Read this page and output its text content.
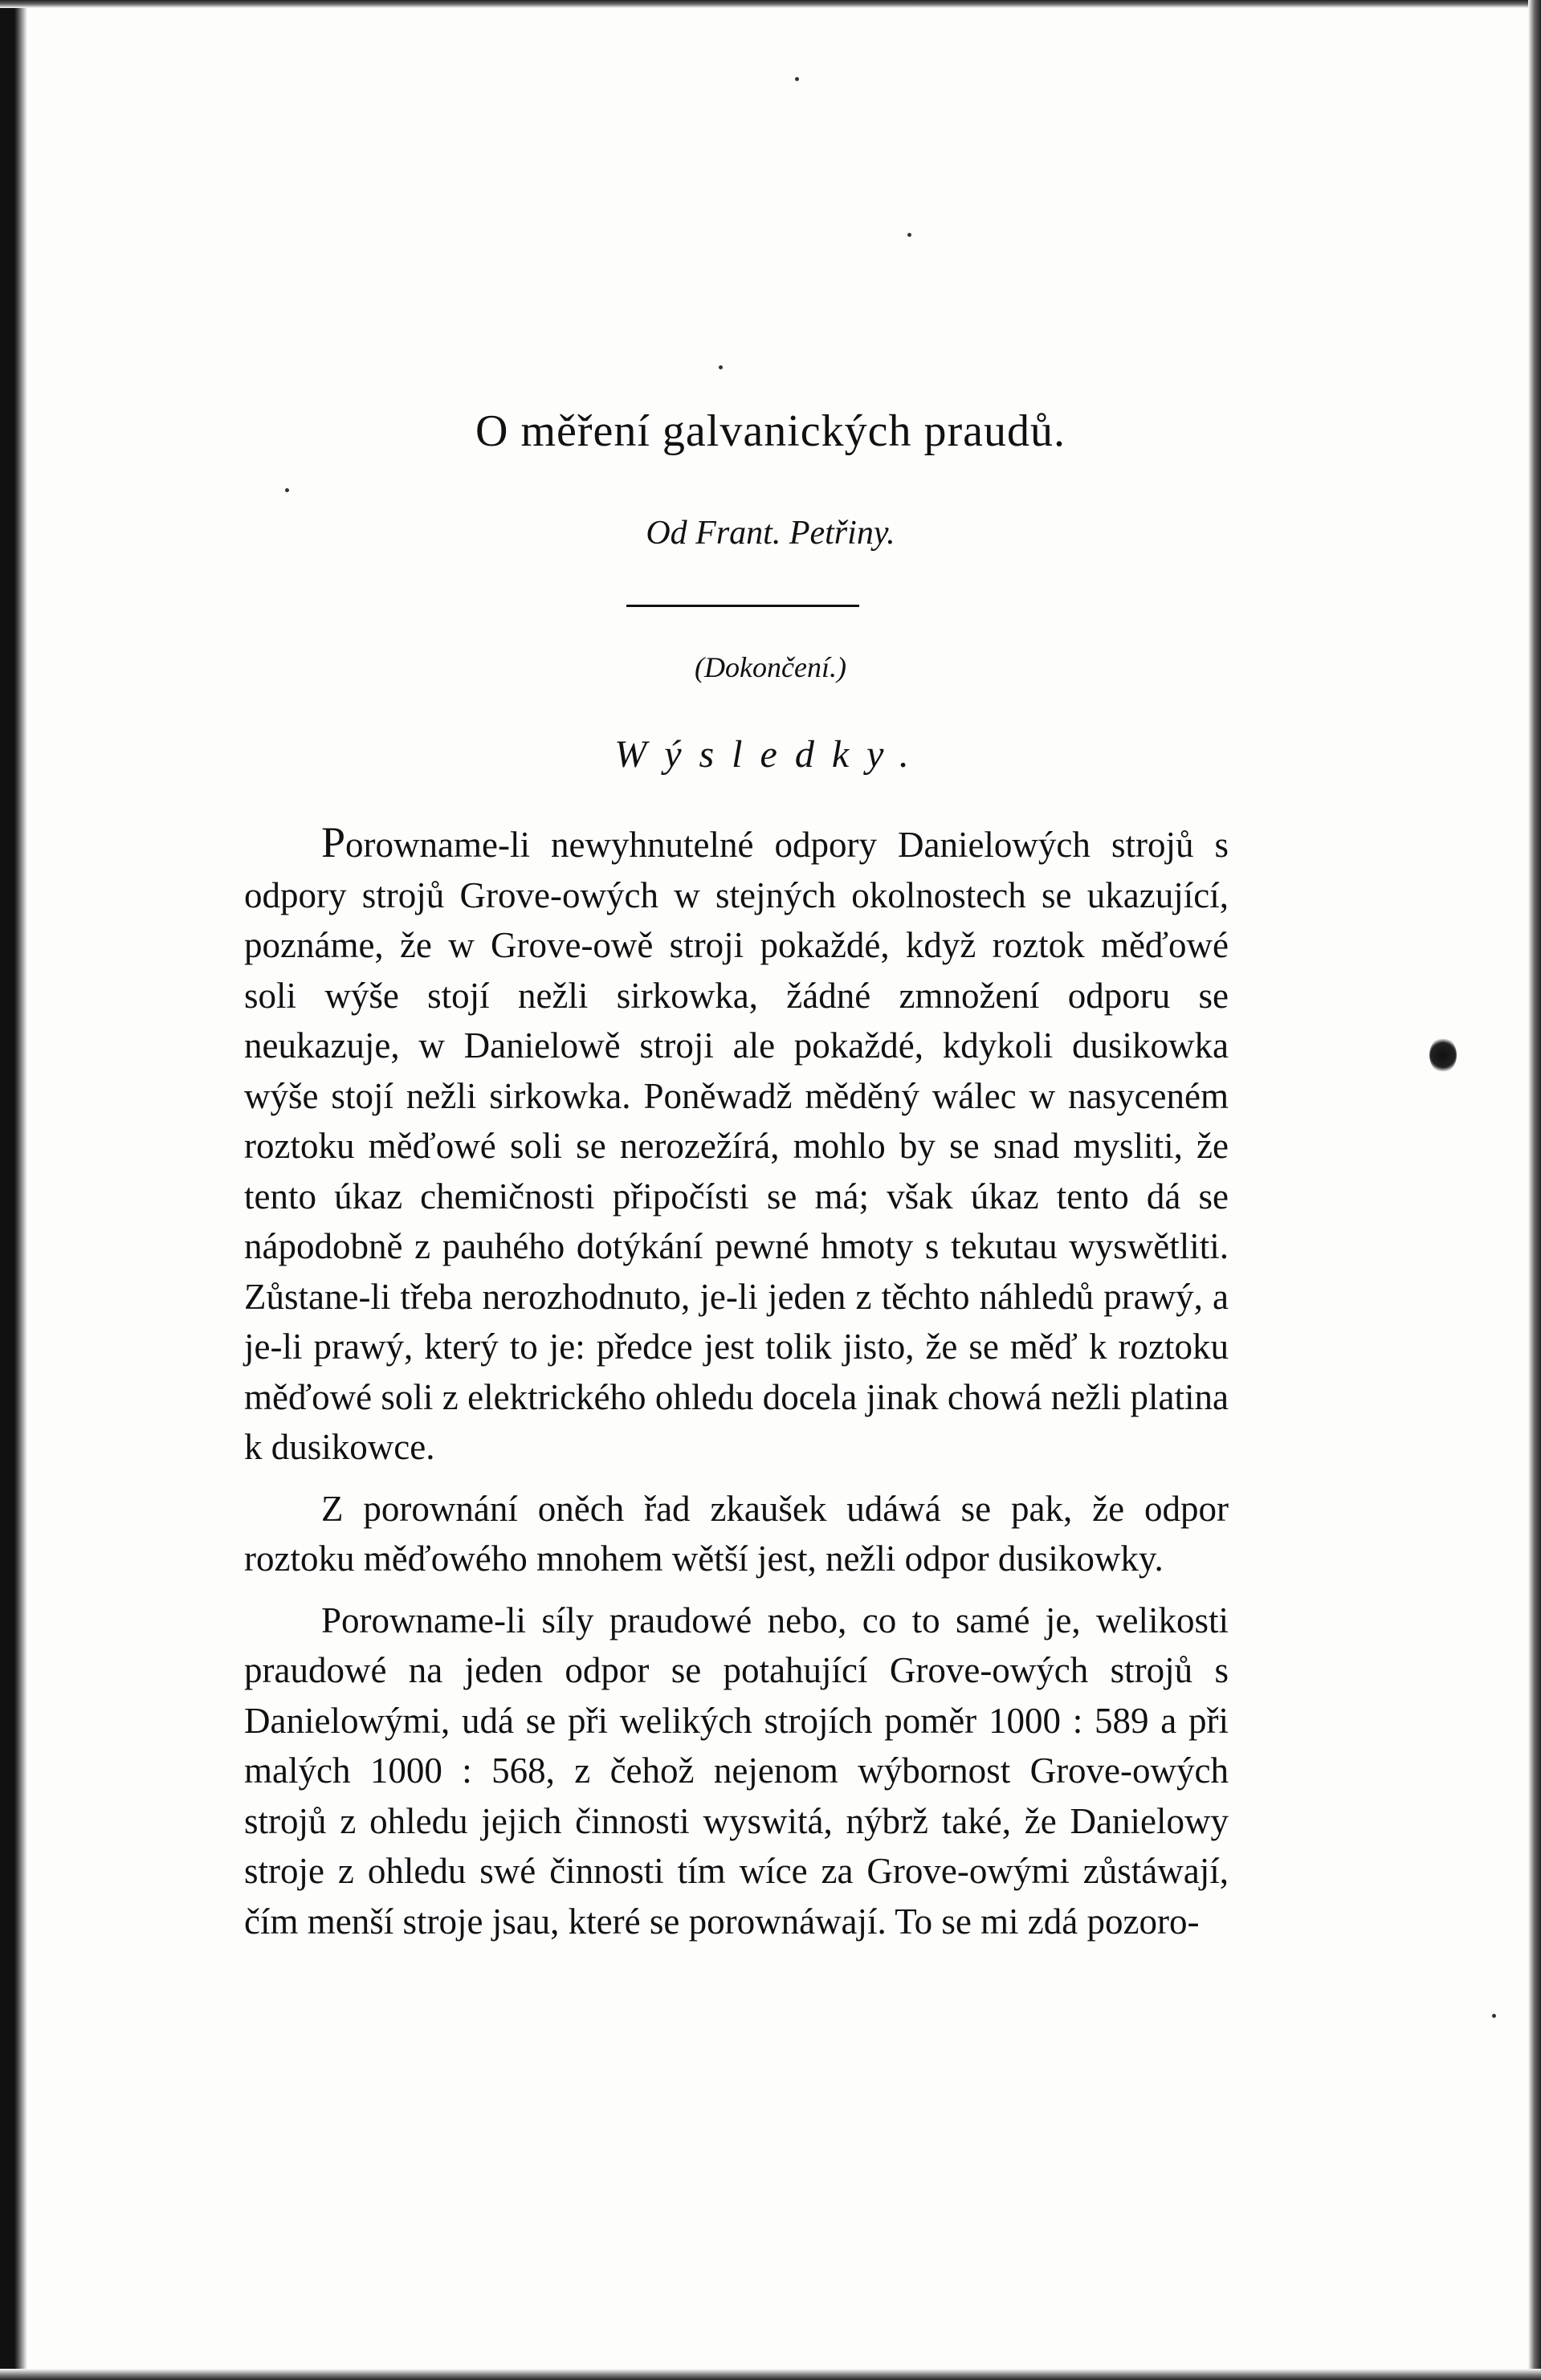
O měření galvanických praudů.
Od Frant. Petřiny.
(Dokončení.)
Wýsledky.

Porowname-li newyhnutelné odpory Danielowých strojů s odpory strojů Grove-owých w stejných okolnostech se ukazující, poznáme, že w Grove-owě stroji pokaždé, když roztok měďowé soli wýše stojí nežli sirkowka, žádné zmnožení odporu se neukazuje, w Danielowě stroji ale pokaždé, kdykoli dusikowka wýše stojí nežli sirkowka. Poněwadž měděný wálec w nasyceném roztoku měďowé soli se nerozežírá, mohlo by se snad mysliti, že tento úkaz chemičnosti připočísti se má; však úkaz tento dá se nápodobně z pauhého dotýkání pewné hmoty s tekutau wyswětliti. Zůstane-li třeba nerozhodnuto, je-li jeden z těchto náhledů prawý, a je-li prawý, který to je: předce jest tolik jisto, že se měď k roztoku měďowé soli z elektrického ohledu docela jinak chowá nežli platina k dusikowce.

Z porownání oněch řad zkaušek udáwá se pak, že odpor roztoku měďowého mnohem wětší jest, nežli odpor dusikowky.

Porowname-li síly praudowé nebo, co to samé je, welikosti praudowé na jeden odpor se potahující Grove-owých strojů s Danielowými, udá se při welikých strojích poměr 1000 : 589 a při malých 1000 : 568, z čehož nejenom wýbornost Grove-owých strojů z ohledu jejich činnosti wyswitá, nýbrž také, že Danielowy stroje z ohledu swé činnosti tím wíce za Grove-owými zůstáwají, čím menší stroje jsau, které se porownáwají. To se mi zdá pozoro-
